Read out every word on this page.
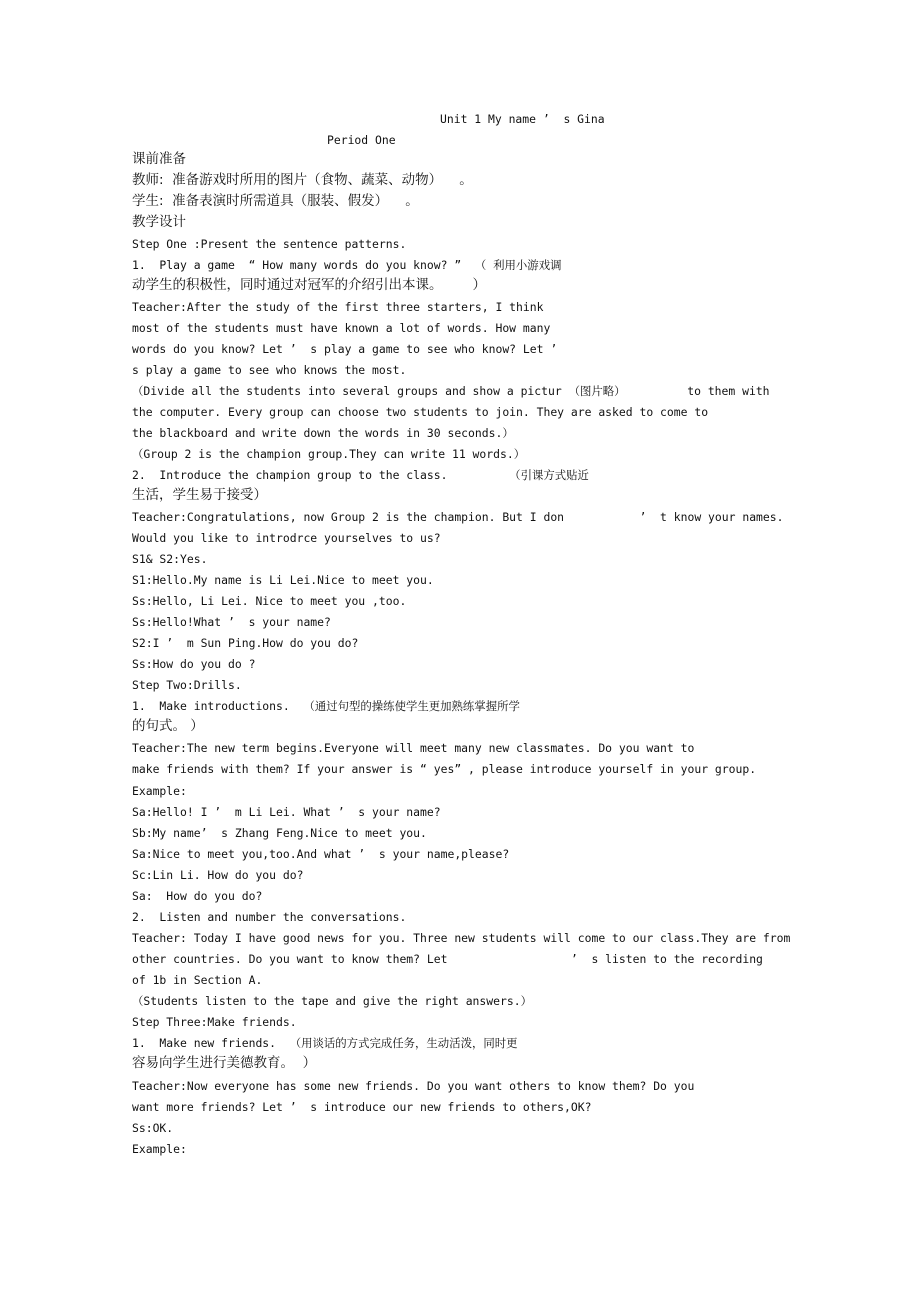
Unit 1 My name ’  s Gina
Period One
课前准备
教师:  准备游戏时所用的图片（食物、蔬菜、动物）    。
学生:  准备表演时所需道具（服装、假发）    。
教学设计
Step One :Present the sentence patterns.
1.  Play a game  “ How many words do you know? ”  （ 利用小游戏调
动学生的积极性，同时通过对冠军的介绍引出本课。       ）
Teacher:After the study of the first three starters, I think
most of the students must have known a lot of words. How many
words do you know? Let ’  s play a game to see who know? Let ’
s play a game to see who knows the most.
（Divide all the students into several groups and show a pictur （图片略）         to them with
the computer. Every group can choose two students to join. They are asked to come to
the blackboard and write down the words in 30 seconds.）
（Group 2 is the champion group.They can write 11 words.）
2.  Introduce the champion group to the class.         （引课方式贴近
生活，学生易于接受）
Teacher:Congratulations, now Group 2 is the champion. But I don           ’  t know your names.
Would you like to introdrce yourselves to us?
S1& S2:Yes.
S1:Hello.My name is Li Lei.Nice to meet you.
Ss:Hello, Li Lei. Nice to meet you ,too.
Ss:Hello!What ’  s your name?
S2:I ’  m Sun Ping.How do you do?
Ss:How do you do ?
Step Two:Drills.
1.  Make introductions.  （通过句型的操练使学生更加熟练掌握所学
的句式。 ）
Teacher:The new term begins.Everyone will meet many new classmates. Do you want to
make friends with them? If your answer is “ yes” , please introduce yourself in your group.
Example:
Sa:Hello! I ’  m Li Lei. What ’  s your name?
Sb:My name’  s Zhang Feng.Nice to meet you.
Sa:Nice to meet you,too.And what ’  s your name,please?
Sc:Lin Li. How do you do?
Sa:  How do you do?
2.  Listen and number the conversations.
Teacher: Today I have good news for you. Three new students will come to our class.They are from
other countries. Do you want to know them? Let                  ’  s listen to the recording
of 1b in Section A.
（Students listen to the tape and give the right answers.）
Step Three:Make friends.
1.  Make new friends.  （用谈话的方式完成任务，生动活泼，同时更
容易向学生进行美德教育。  ）
Teacher:Now everyone has some new friends. Do you want others to know them? Do you
want more friends? Let ’  s introduce our new friends to others,OK?
Ss:OK.
Example:
